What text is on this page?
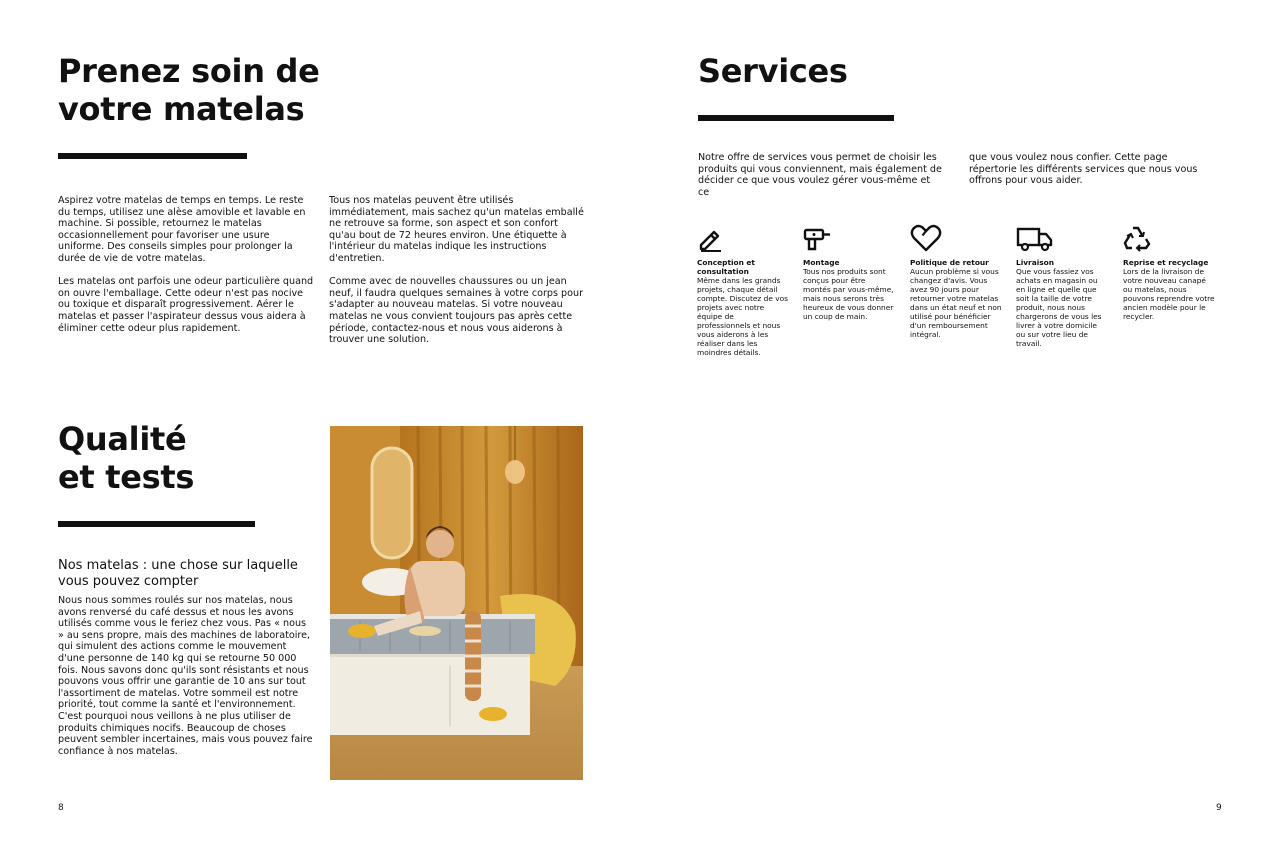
Prenez soin de
votre matelas

Aspirez votre matelas de temps en temps. Le reste du temps, utilisez une alèse amovible et lavable en machine. Si possible, retournez le matelas occasionnellement pour favoriser une usure uniforme. Des conseils simples pour prolonger la durée de vie de votre matelas.

Les matelas ont parfois une odeur particulière quand on ouvre l'emballage. Cette odeur n'est pas nocive ou toxique et disparaît progressivement. Aérer le matelas et passer l'aspirateur dessus vous aidera à éliminer cette odeur plus rapidement.

Tous nos matelas peuvent être utilisés immédiatement, mais sachez qu'un matelas emballé ne retrouve sa forme, son aspect et son confort qu'au bout de 72 heures environ. Une étiquette à l'intérieur du matelas indique les instructions d'entretien.

Comme avec de nouvelles chaussures ou un jean neuf, il faudra quelques semaines à votre corps pour s'adapter au nouveau matelas. Si votre nouveau matelas ne vous convient toujours pas après cette période, contactez-nous et nous vous aiderons à trouver une solution.

Qualité
et tests
Nos matelas : une chose sur laquelle vous pouvez compter
Nous nous sommes roulés sur nos matelas, nous avons renversé du café dessus et nous les avons utilisés comme vous le feriez chez vous. Pas « nous » au sens propre, mais des machines de laboratoire, qui simulent des actions comme le mouvement d'une personne de 140 kg qui se retourne 50 000 fois. Nous savons donc qu'ils sont résistants et nous pouvons vous offrir une garantie de 10 ans sur tout l'assortiment de matelas. Votre sommeil est notre priorité, tout comme la santé et l'environnement. C'est pourquoi nous veillons à ne plus utiliser de produits chimiques nocifs. Beaucoup de choses peuvent sembler incertaines, mais vous pouvez faire confiance à nos matelas.
8
Services
Notre offre de services vous permet de choisir les produits qui vous conviennent, mais également de décider ce que vous voulez gérer vous-même et ce
que vous voulez nous confier. Cette page répertorie les différents services que nous vous offrons pour vous aider.
Conception et consultation
Même dans les grands projets, chaque détail compte. Discutez de vos projets avec notre équipe de professionnels et nous vous aiderons à les réaliser dans les moindres détails.
Montage
Tous nos produits sont conçus pour être montés par vous-même, mais nous serons très heureux de vous donner un coup de main.
Politique de retour
Aucun problème si vous changez d'avis. Vous avez 90 jours pour retourner votre matelas dans un état neuf et non utilisé pour bénéficier d'un remboursement intégral.
Livraison
Que vous fassiez vos achats en magasin ou en ligne et quelle que soit la taille de votre produit, nous nous chargerons de vous les livrer à votre domicile ou sur votre lieu de travail.
Reprise et recyclage
Lors de la livraison de votre nouveau canapé ou matelas, nous pouvons reprendre votre ancien modèle pour le recycler.
9
